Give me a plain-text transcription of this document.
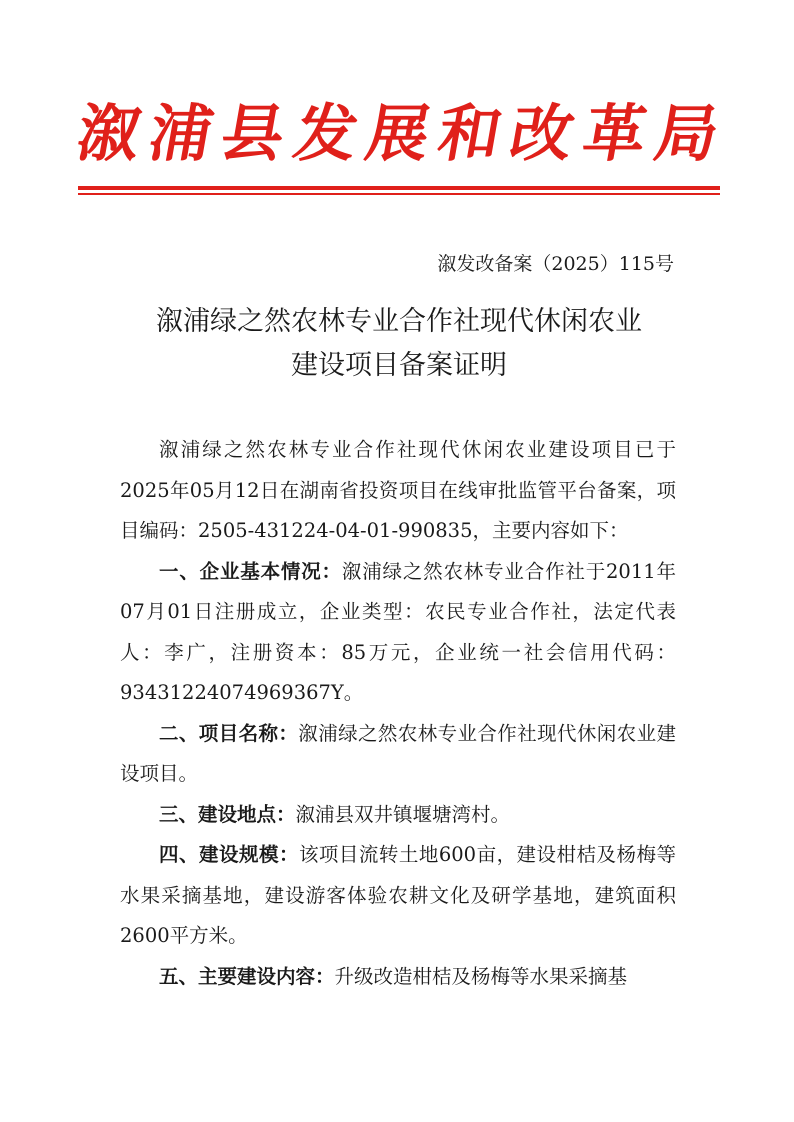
溆
浦
县
发
展
和
改
革
局
溆发改备案（2025）115号
溆浦绿之然农林专业合作社现代休闲农业
建设项目备案证明

溆浦绿之然农林专业合作社现代休闲农业建设项目已于2025年05月12日在湖南省投资项目在线审批监管平台备案，项目编码：2505-431224-04-01-990835，主要内容如下：

一、企业基本情况：溆浦绿之然农林专业合作社于2011年07月01日注册成立，企业类型：农民专业合作社，法定代表人：李广，注册资本：85万元，企业统一社会信用代码：93431224074969367Y。

二、项目名称：溆浦绿之然农林专业合作社现代休闲农业建设项目。

三、建设地点：溆浦县双井镇堰塘湾村。

四、建设规模：该项目流转土地600亩，建设柑桔及杨梅等水果采摘基地，建设游客体验农耕文化及研学基地，建筑面积2600平方米。

五、主要建设内容：升级改造柑桔及杨梅等水果采摘基
